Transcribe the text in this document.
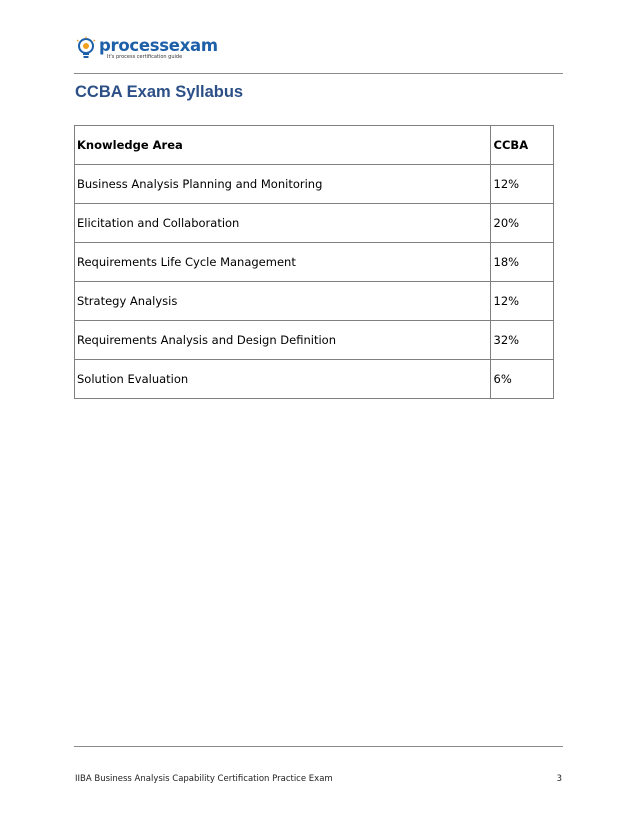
processexam
It's process certification guide
CCBA Exam Syllabus
Knowledge Area	CCBA
Business Analysis Planning and Monitoring	12%
Elicitation and Collaboration	20%
Requirements Life Cycle Management	18%
Strategy Analysis	12%
Requirements Analysis and Design Definition	32%
Solution Evaluation	6%
IIBA Business Analysis Capability Certification Practice Exam	3
